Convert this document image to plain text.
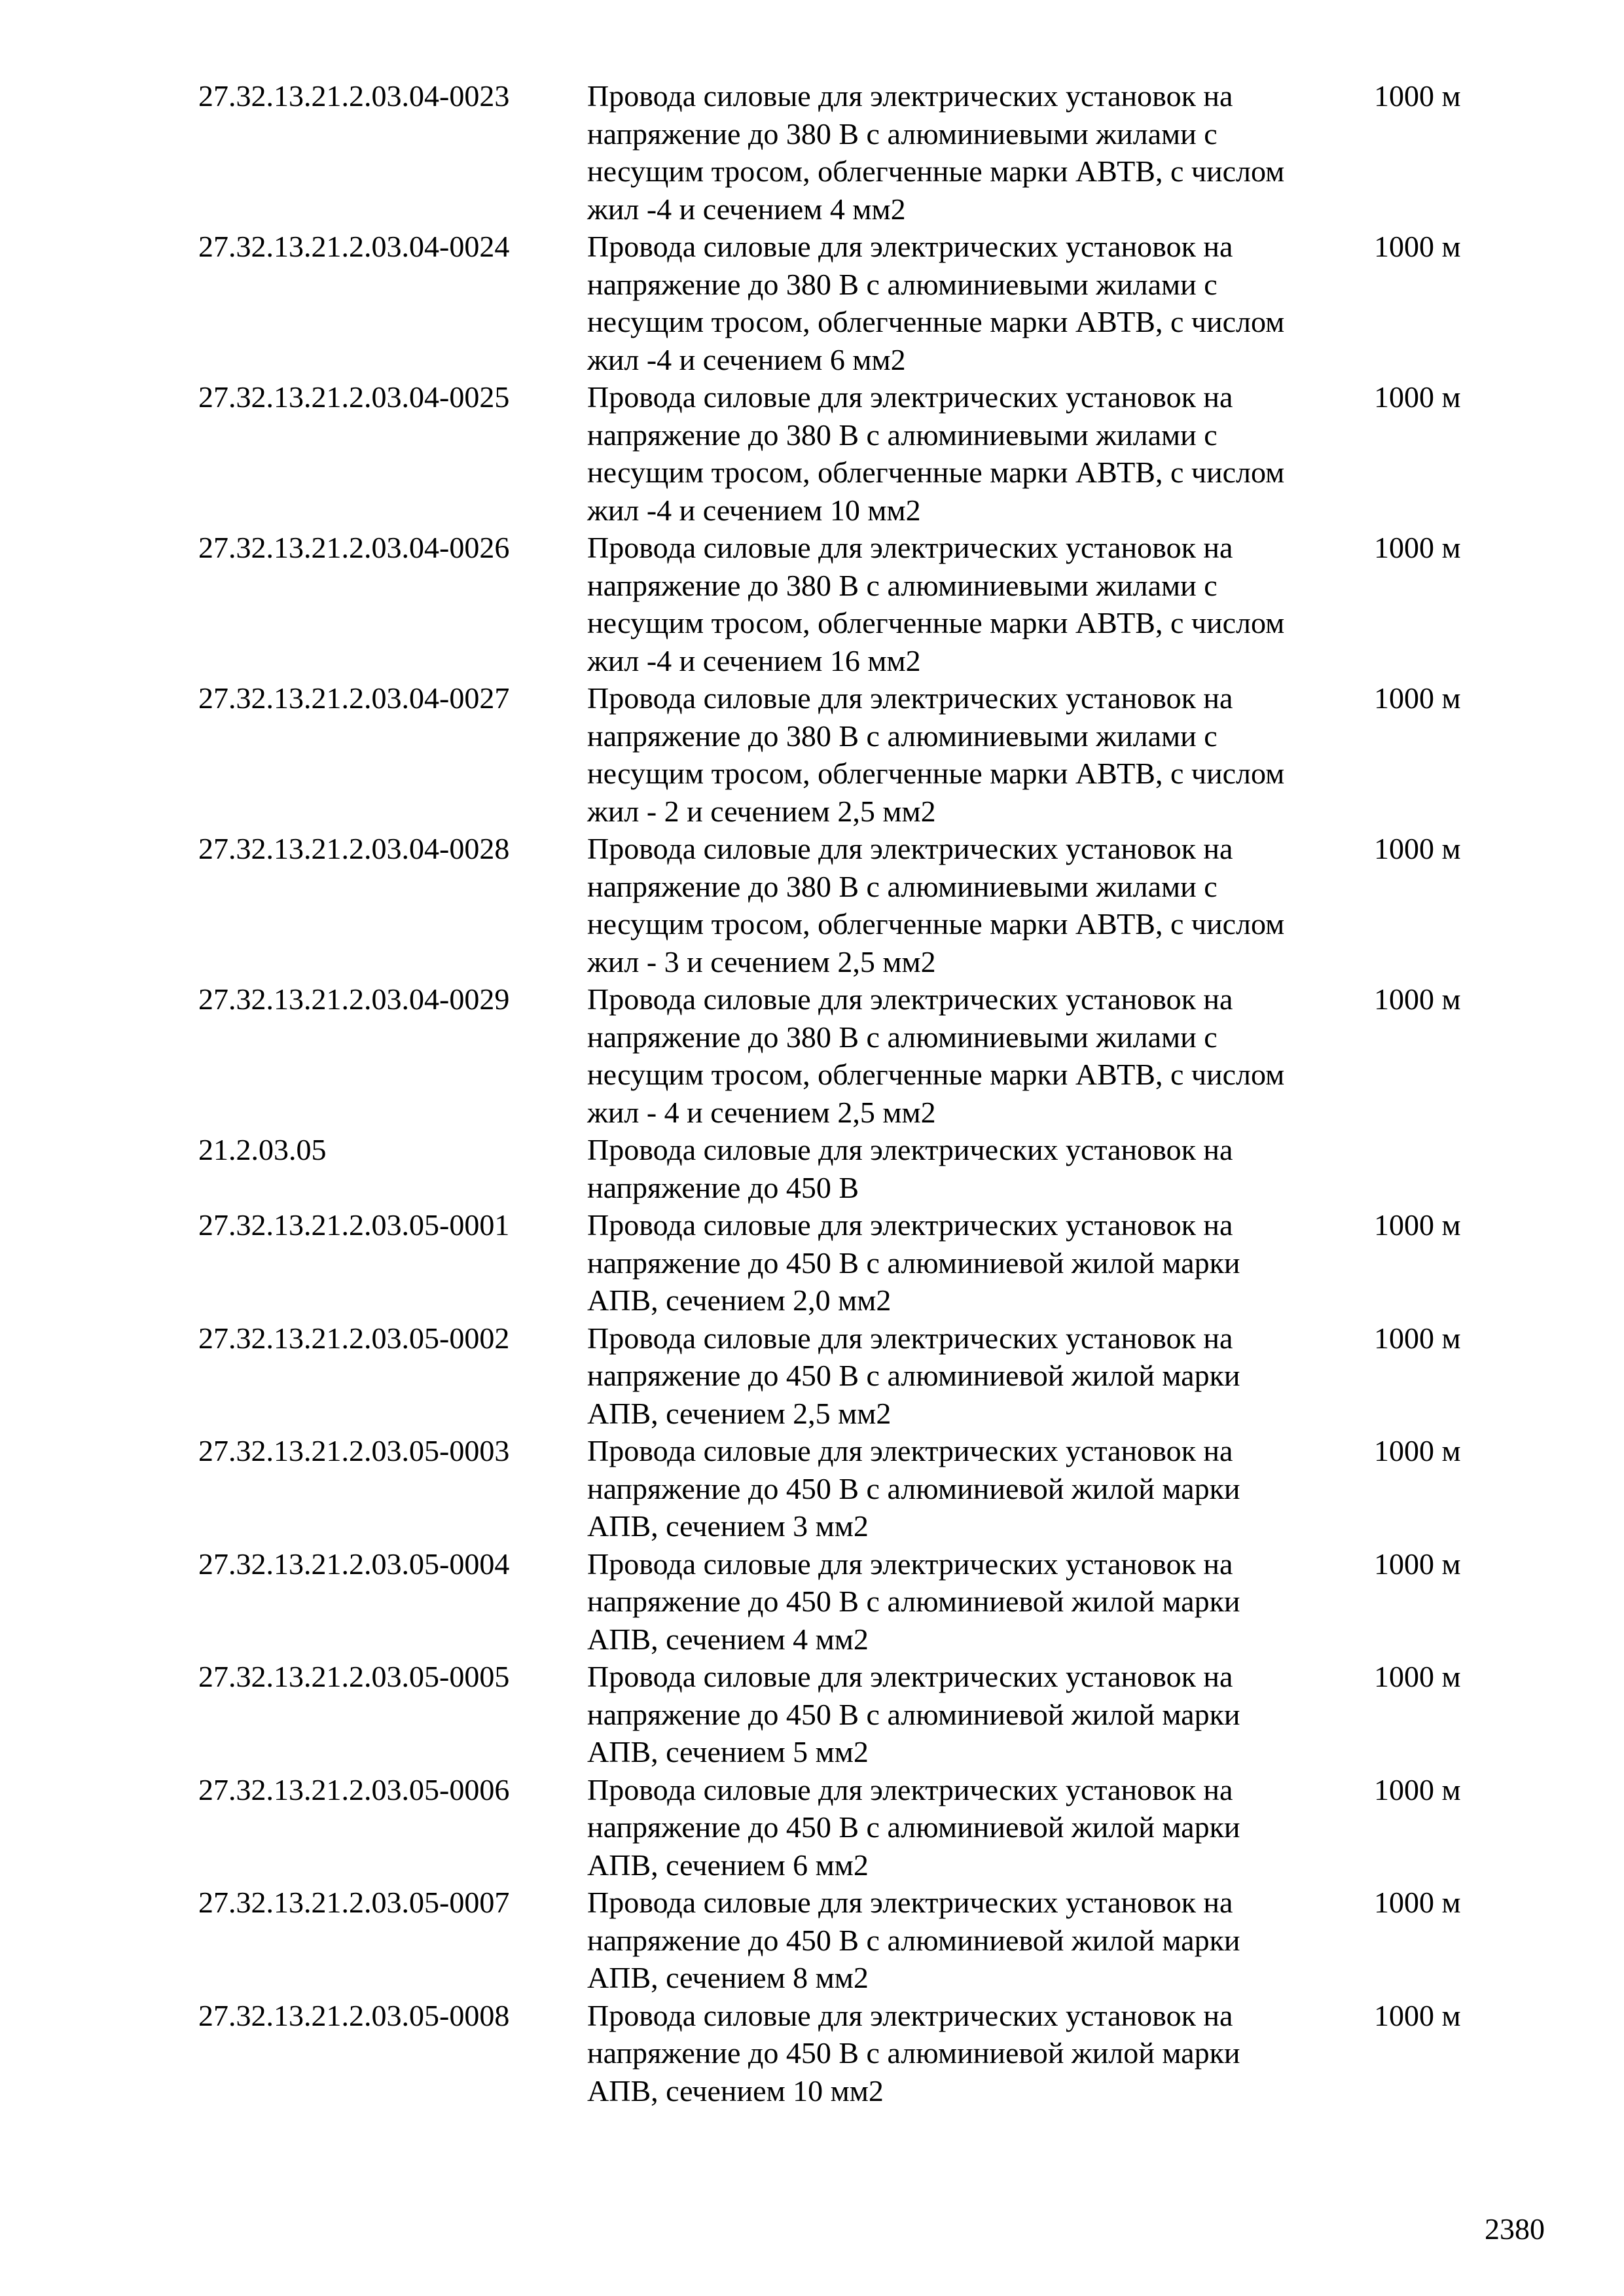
27.32.13.21.2.03.04-0023	Провода силовые для электрических установок на
напряжение до 380 В с алюминиевыми жилами с
несущим тросом, облегченные марки АВТВ, с числом
жил -4 и сечением 4 мм2
1000 м
27.32.13.21.2.03.04-0024	Провода силовые для электрических установок на
напряжение до 380 В с алюминиевыми жилами с
несущим тросом, облегченные марки АВТВ, с числом
жил -4 и сечением 6 мм2
1000 м
27.32.13.21.2.03.04-0025	Провода силовые для электрических установок на
напряжение до 380 В с алюминиевыми жилами с
несущим тросом, облегченные марки АВТВ, с числом
жил -4 и сечением 10 мм2
1000 м
27.32.13.21.2.03.04-0026	Провода силовые для электрических установок на
напряжение до 380 В с алюминиевыми жилами с
несущим тросом, облегченные марки АВТВ, с числом
жил -4 и сечением 16 мм2
1000 м
27.32.13.21.2.03.04-0027	Провода силовые для электрических установок на
напряжение до 380 В с алюминиевыми жилами с
несущим тросом, облегченные марки АВТВ, с числом
жил - 2 и сечением 2,5 мм2
1000 м
27.32.13.21.2.03.04-0028	Провода силовые для электрических установок на
напряжение до 380 В с алюминиевыми жилами с
несущим тросом, облегченные марки АВТВ, с числом
жил - 3 и сечением 2,5 мм2
1000 м
27.32.13.21.2.03.04-0029	Провода силовые для электрических установок на
напряжение до 380 В с алюминиевыми жилами с
несущим тросом, облегченные марки АВТВ, с числом
жил - 4 и сечением 2,5 мм2
1000 м
21.2.03.05	Провода силовые для электрических установок на
напряжение до 450 В
27.32.13.21.2.03.05-0001	Провода силовые для электрических установок на
напряжение до 450 В с алюминиевой жилой марки
АПВ, сечением 2,0 мм2
1000 м
27.32.13.21.2.03.05-0002	Провода силовые для электрических установок на
напряжение до 450 В с алюминиевой жилой марки
АПВ, сечением 2,5 мм2
1000 м
27.32.13.21.2.03.05-0003	Провода силовые для электрических установок на
напряжение до 450 В с алюминиевой жилой марки
АПВ, сечением 3 мм2
1000 м
27.32.13.21.2.03.05-0004	Провода силовые для электрических установок на
напряжение до 450 В с алюминиевой жилой марки
АПВ, сечением 4 мм2
1000 м
27.32.13.21.2.03.05-0005	Провода силовые для электрических установок на
напряжение до 450 В с алюминиевой жилой марки
АПВ, сечением 5 мм2
1000 м
27.32.13.21.2.03.05-0006	Провода силовые для электрических установок на
напряжение до 450 В с алюминиевой жилой марки
АПВ, сечением 6 мм2
1000 м
27.32.13.21.2.03.05-0007	Провода силовые для электрических установок на
напряжение до 450 В с алюминиевой жилой марки
АПВ, сечением 8 мм2
1000 м
27.32.13.21.2.03.05-0008	Провода силовые для электрических установок на
напряжение до 450 В с алюминиевой жилой марки
АПВ, сечением 10 мм2
1000 м
2380
